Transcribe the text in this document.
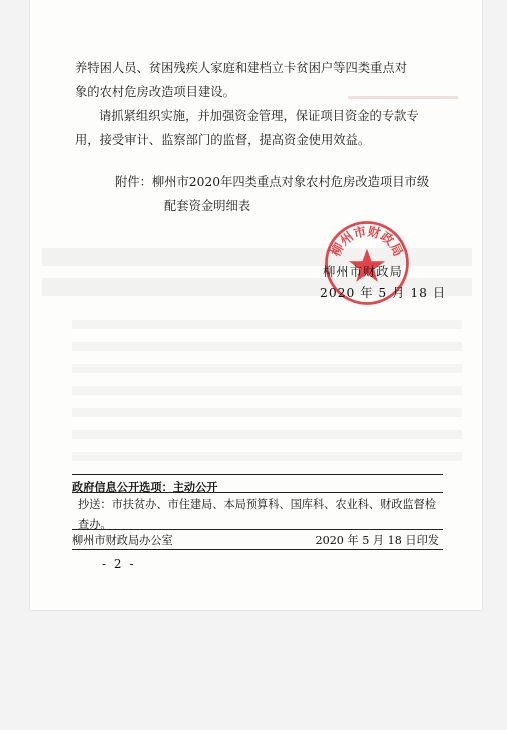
养特困人员、贫困残疾人家庭和建档立卡贫困户等四类重点对
象的农村危房改造项目建设。
请抓紧组织实施，并加强资金管理，保证项目资金的专款专用，接受审计、监察部门的监督，提高资金使用效益。
附件：柳州市2020年四类重点对象农村危房改造项目市级
配套资金明细表
柳州市财政局
柳州市财政局
2020 年 5 月 18 日
政府信息公开选项：主动公开
抄送：市扶贫办、市住建局、本局预算科、国库科、农业科、财政监督检查办。
柳州市财政局办公室	2020 年 5 月 18 日印发
- 2 -
